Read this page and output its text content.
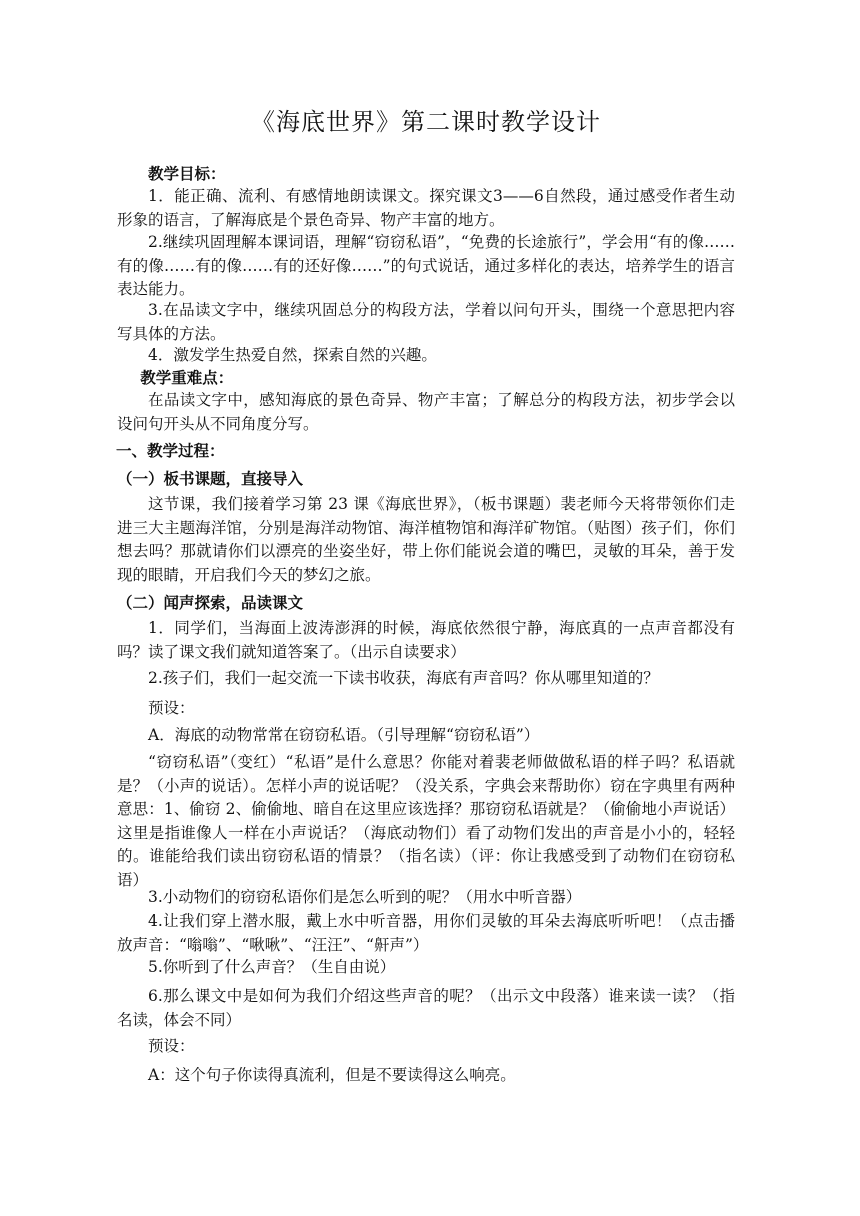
《海底世界》第二课时教学设计

教学目标：

1．能正确、流利、有感情地朗读课文。探究课文3——6自然段，通过感受作者生动形象的语言，了解海底是个景色奇异、物产丰富的地方。

2.继续巩固理解本课词语，理解“窃窃私语”，“免费的长途旅行”，学会用“有的像……有的像……有的像……有的还好像……”的句式说话，通过多样化的表达，培养学生的语言表达能力。

3.在品读文字中，继续巩固总分的构段方法，学着以问句开头，围绕一个意思把内容写具体的方法。

4．激发学生热爱自然，探索自然的兴趣。

教学重难点：

在品读文字中，感知海底的景色奇异、物产丰富；了解总分的构段方法，初步学会以设问句开头从不同角度分写。

一、教学过程：

（一）板书课题，直接导入

这节课，我们接着学习第 23 课《海底世界》，（板书课题）裴老师今天将带领你们走进三大主题海洋馆，分别是海洋动物馆、海洋植物馆和海洋矿物馆。（贴图）孩子们，你们想去吗？那就请你们以漂亮的坐姿坐好，带上你们能说会道的嘴巴，灵敏的耳朵，善于发现的眼睛，开启我们今天的梦幻之旅。

（二）闻声探索，品读课文

1．同学们，当海面上波涛澎湃的时候，海底依然很宁静，海底真的一点声音都没有吗？读了课文我们就知道答案了。（出示自读要求）

2.孩子们，我们一起交流一下读书收获，海底有声音吗？你从哪里知道的？

预设：

A．海底的动物常常在窃窃私语。（引导理解“窃窃私语”）

“窃窃私语”（变红）“私语”是什么意思？你能对着裴老师做做私语的样子吗？私语就是？（小声的说话）。怎样小声的说话呢？（没关系，字典会来帮助你）窃在字典里有两种意思：1、偷窃 2、偷偷地、暗自在这里应该选择？那窃窃私语就是？（偷偷地小声说话）这里是指谁像人一样在小声说话？（海底动物们）看了动物们发出的声音是小小的，轻轻的。谁能给我们读出窃窃私语的情景？（指名读）（评：你让我感受到了动物们在窃窃私语）

3.小动物们的窃窃私语你们是怎么听到的呢？（用水中听音器）

4.让我们穿上潜水服，戴上水中听音器，用你们灵敏的耳朵去海底听听吧！（点击播放声音：“嗡嗡”、“啾啾”、“汪汪”、“鼾声”）

5.你听到了什么声音？（生自由说）

6.那么课文中是如何为我们介绍这些声音的呢？（出示文中段落）谁来读一读？（指名读，体会不同）

预设：

A：这个句子你读得真流利，但是不要读得这么响亮。
